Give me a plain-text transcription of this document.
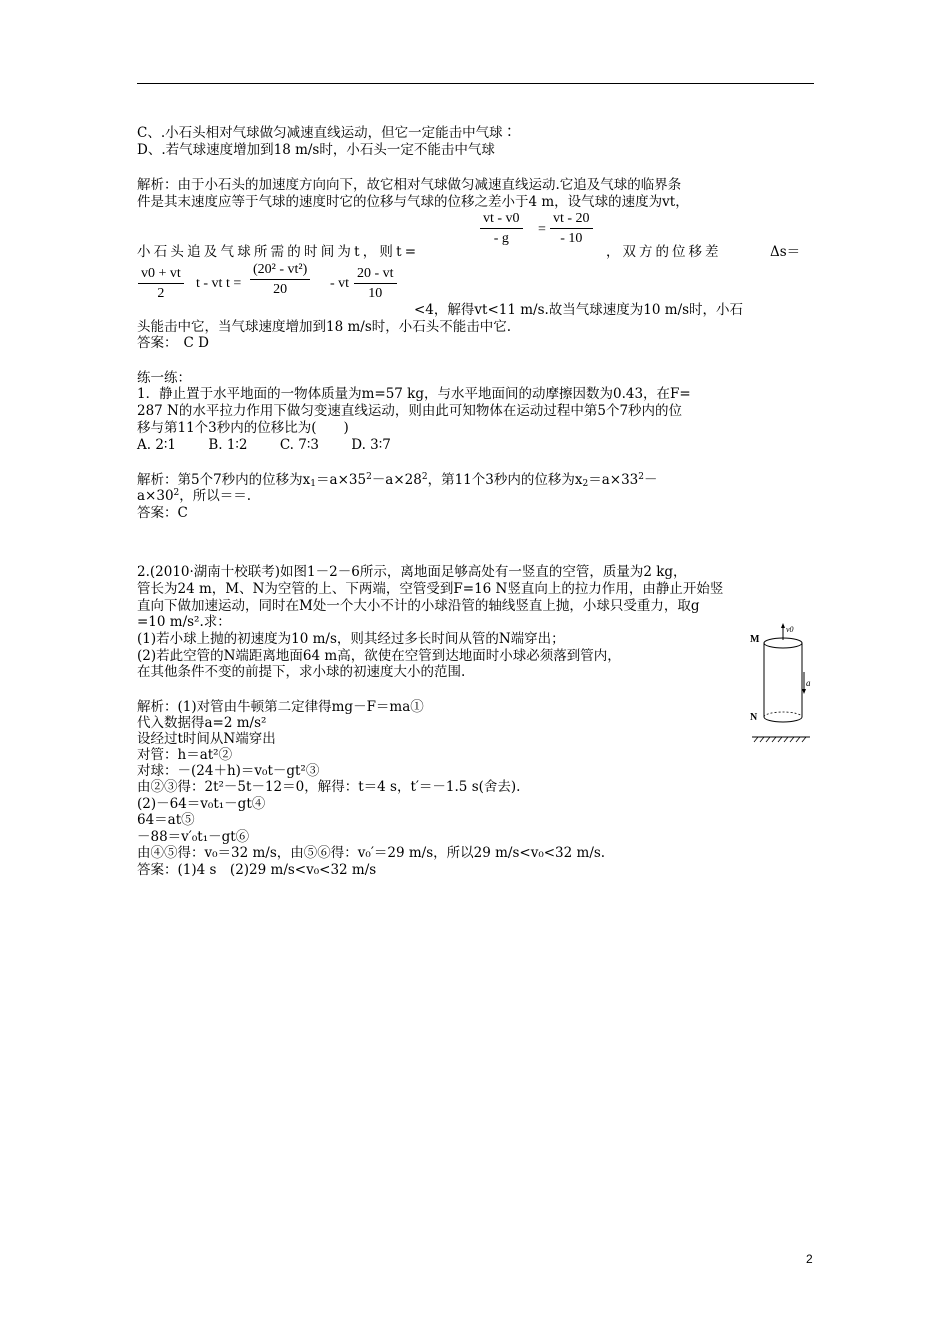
C、.小石头相对气球做匀减速直线运动，但它一定能击中气球∶
D、.若气球速度增加到18 m/s时，小石头一定不能击中气球
解析：由于小石头的加速度方向向下，故它相对气球做匀减速直线运动.它追及气球的临界条
件是其末速度应等于气球的速度时它的位移与气球的位移之差小于4 m，设气球的速度为vt，
$\frac{vt - v0}{- g} = \frac{vt - 20}{- 10}$
小石头追及气球所需的时间为t，则t=	，双方的位移差	Δs＝
$\frac{v0 + vt}{2}$ t - vt $t = \frac{\text{(20² - vt²)}}{20}$ - vt $\frac{20 - vt}{10}$
<4，解得vt<11 m/s.故当气球速度为10 m/s时，小石
头能击中它，当气球速度增加到18 m/s时，小石头不能击中它.
答案： C D
练一练：
1．静止置于水平地面的一物体质量为m=57 kg，与水平地面间的动摩擦因数为0.43，在F=
287 N的水平拉力作用下做匀变速直线运动，则由此可知物体在运动过程中第5个7秒内的位
移与第11个3秒内的位移比为(　　)
A. 2∶1 B. 1∶2 C. 7∶3 D. 3∶7
解析：第5个7秒内的位移为$x_1=a\times 35^2-a\times 28^2$，第11个3秒内的位移为$x_2=a\times 33^2-$
$a\times 30^2$，所以＝＝.
答案：C
2.(2010·湖南十校联考)如图1－2－6所示，离地面足够高处有一竖直的空管，质量为2 kg，
管长为24 m，M、N为空管的上、下两端，空管受到F=16 N竖直向上的拉力作用，由静止开始竖
直向下做加速运动，同时在M处一个大小不计的小球沿管的轴线竖直上抛，小球只受重力，取g
=10 m/s².求：
(1)若小球上抛的初速度为10 m/s，则其经过多长时间从管的N端穿出；
(2)若此空管的N端距离地面64 m高，欲使在空管到达地面时小球必须落到管内，
在其他条件不变的前提下，求小球的初速度大小的范围.
M
N
v0
a
解析：(1)对管由牛顿第二定律得mg－F＝ma①
代入数据得a=2 m/s²
设经过t时间从N端穿出
对管：h＝at²②
对球：－(24＋h)＝v₀t－gt²③
由②③得：2t²－5t－12＝0，解得：t＝4 s，t′＝－1.5 s(舍去).
(2)－64＝v₀t₁－gt④
64＝at⑤
－88＝v′₀t₁－gt⑥
由④⑤得：v₀＝32 m/s，由⑤⑥得：v₀′＝29 m/s，所以29 m/s<v₀<32 m/s.
答案：(1)4 s　(2)29 m/s<v₀<32 m/s
2
